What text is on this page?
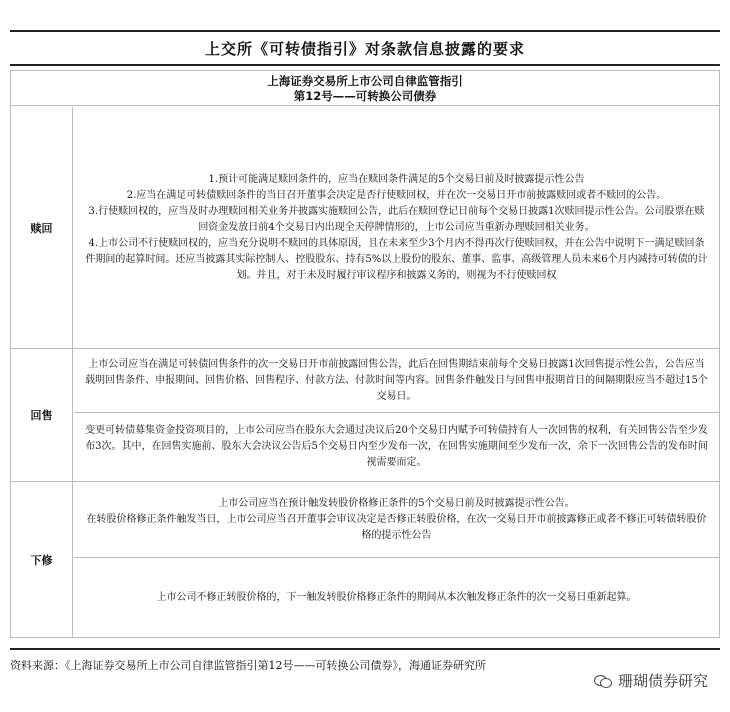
上交所《可转债指引》对条款信息披露的要求
上海证券交易所上市公司自律监管指引
第12号——可转换公司债券
赎回

1.预计可能满足赎回条件的，应当在赎回条件满足的5个交易日前及时披露提示性公告

2.应当在满足可转债赎回条件的当日召开董事会决定是否行使赎回权，并在次一交易日开市前披露赎回或者不赎回的公告。

3.行使赎回权的，应当及时办理赎回相关业务并披露实施赎回公告，此后在赎回登记日前每个交易日披露1次赎回提示性公告。公司股票在赎回资金发放日前4个交易日内出现全天停牌情形的，上市公司应当重新办理赎回相关业务。

4.上市公司不行使赎回权的，应当充分说明不赎回的具体原因，且在未来至少3个月内不得再次行使赎回权，并在公告中说明下一满足赎回条件期间的起算时间。还应当披露其实际控制人、控股股东、持有5%以上股份的股东、董事、监事、高级管理人员未来6个月内减持可转债的计划。并且，对于未及时履行审议程序和披露义务的，则视为不行使赎回权

回售

上市公司应当在满足可转债回售条件的次一交易日开市前披露回售公告，此后在回售期结束前每个交易日披露1次回售提示性公告，公告应当载明回售条件、申报期间、回售价格、回售程序、付款方法、付款时间等内容。回售条件触发日与回售申报期首日的间隔期限应当不超过15个交易日。

变更可转债募集资金投资项目的，上市公司应当在股东大会通过决议后20个交易日内赋予可转债持有人一次回售的权利，有关回售公告至少发布3次。其中，在回售实施前、股东大会决议公告后5个交易日内至少发布一次，在回售实施期间至少发布一次，余下一次回售公告的发布时间视需要而定。

下修

上市公司应当在预计触发转股价格修正条件的5个交易日前及时披露提示性公告。

在转股价格修正条件触发当日，上市公司应当召开董事会审议决定是否修正转股价格，在次一交易日开市前披露修正或者不修正可转债转股价格的提示性公告

上市公司不修正转股价格的，下一触发转股价格修正条件的期间从本次触发修正条件的次一交易日重新起算。

资料来源：《上海证券交易所上市公司自律监管指引第12号——可转换公司债券》，海通证券研究所
珊瑚债券研究
